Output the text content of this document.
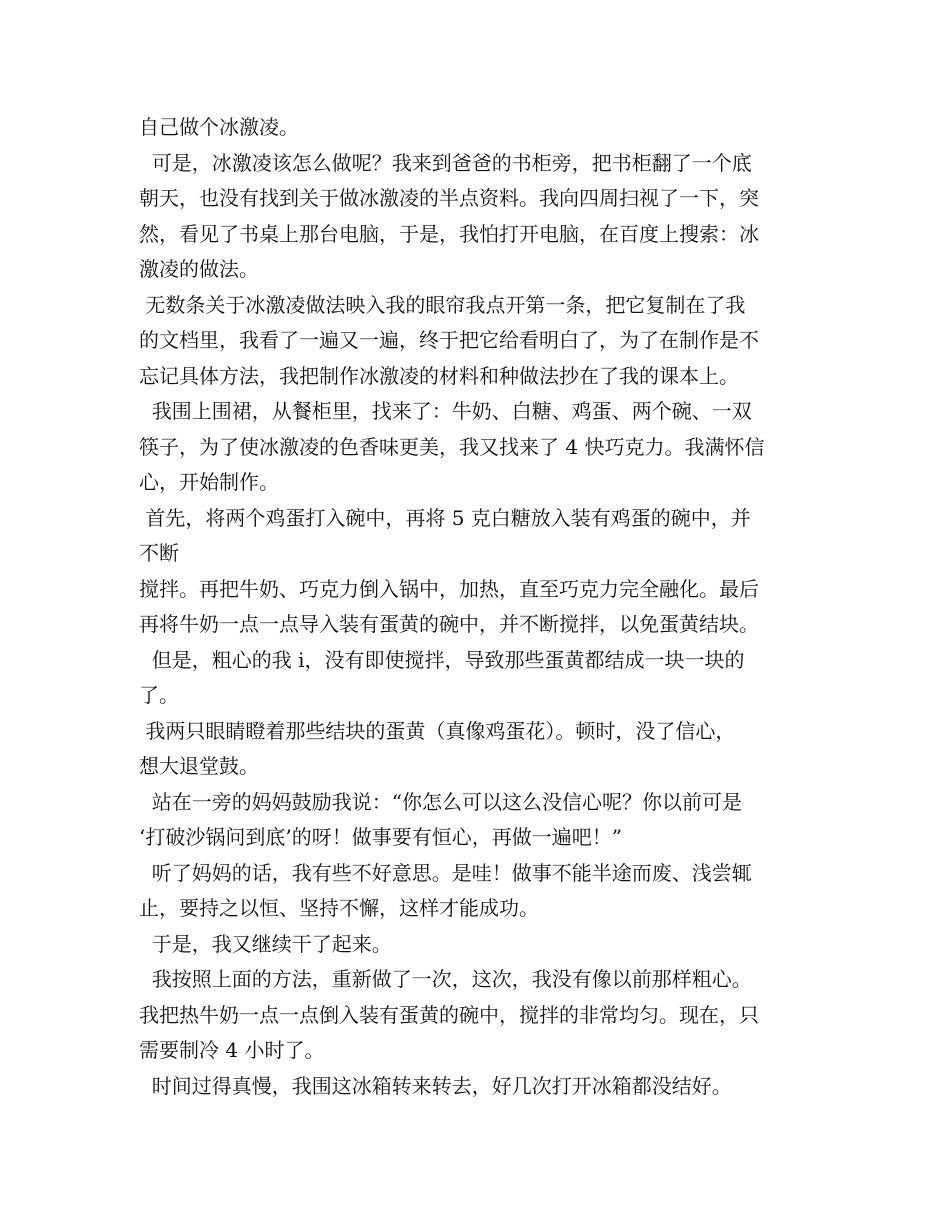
自己做个冰激凌。
可是，冰激凌该怎么做呢？我来到爸爸的书柜旁，把书柜翻了一个底
朝天，也没有找到关于做冰激凌的半点资料。我向四周扫视了一下，突
然，看见了书桌上那台电脑，于是，我怕打开电脑，在百度上搜索：冰
激凌的做法。
无数条关于冰激凌做法映入我的眼帘我点开第一条，把它复制在了我
的文档里，我看了一遍又一遍，终于把它给看明白了，为了在制作是不
忘记具体方法，我把制作冰激凌的材料和种做法抄在了我的课本上。
我围上围裙，从餐柜里，找来了：牛奶、白糖、鸡蛋、两个碗、一双
筷子，为了使冰激凌的色香味更美，我又找来了 4 快巧克力。我满怀信
心，开始制作。
首先，将两个鸡蛋打入碗中，再将 5 克白糖放入装有鸡蛋的碗中，并
不断
搅拌。再把牛奶、巧克力倒入锅中，加热，直至巧克力完全融化。最后
再将牛奶一点一点导入装有蛋黄的碗中，并不断搅拌，以免蛋黄结块。
但是，粗心的我 i，没有即使搅拌，导致那些蛋黄都结成一块一块的
了。
我两只眼睛瞪着那些结块的蛋黄（真像鸡蛋花）。顿时，没了信心，
想大退堂鼓。
站在一旁的妈妈鼓励我说：“你怎么可以这么没信心呢？你以前可是
‘打破沙锅问到底’的呀！做事要有恒心，再做一遍吧！”
听了妈妈的话，我有些不好意思。是哇！做事不能半途而废、浅尝辄
止，要持之以恒、坚持不懈，这样才能成功。
于是，我又继续干了起来。
我按照上面的方法，重新做了一次，这次，我没有像以前那样粗心。
我把热牛奶一点一点倒入装有蛋黄的碗中，搅拌的非常均匀。现在，只
需要制冷 4 小时了。
时间过得真慢，我围这冰箱转来转去，好几次打开冰箱都没结好。
